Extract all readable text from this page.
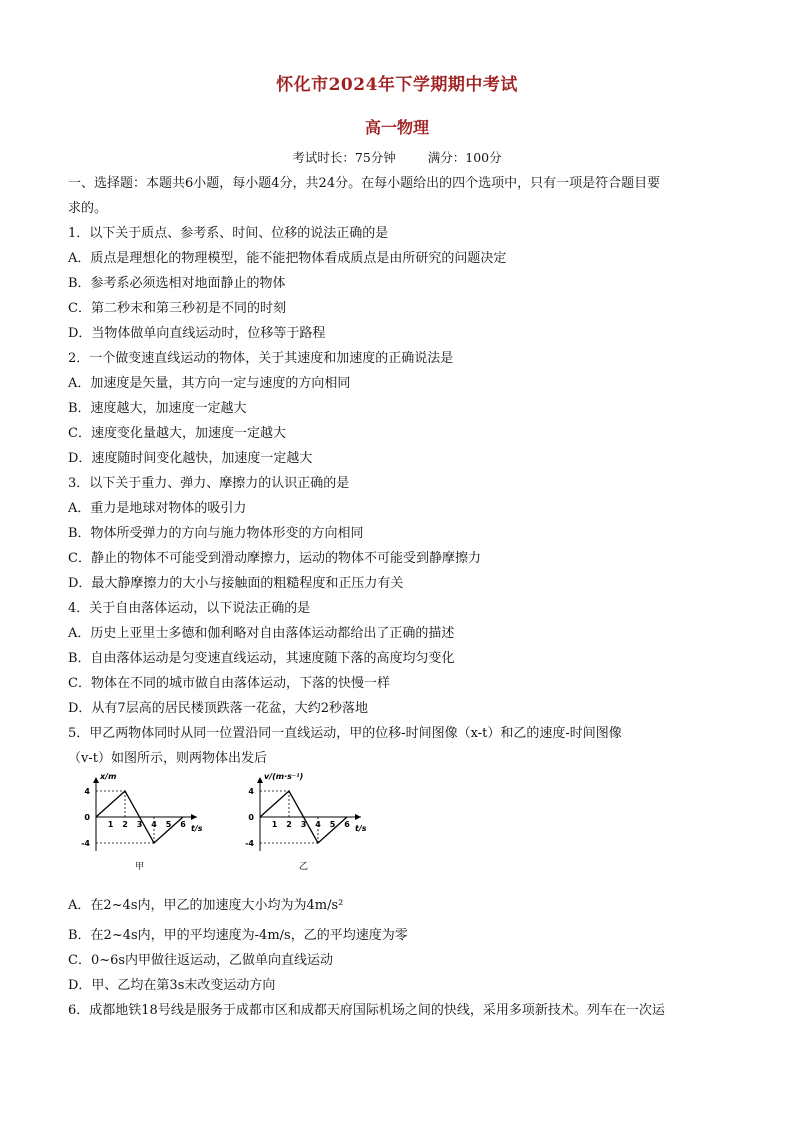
怀化市2024年下学期期中考试
高一物理
考试时长：75分钟	满分：100分
一、选择题：本题共6小题，每小题4分，共24分。在每小题给出的四个选项中，只有一项是符合题目要
求的。
1．以下关于质点、参考系、时间、位移的说法正确的是
A．质点是理想化的物理模型，能不能把物体看成质点是由所研究的问题决定
B．参考系必须选相对地面静止的物体
C．第二秒末和第三秒初是不同的时刻
D．当物体做单向直线运动时，位移等于路程
2．一个做变速直线运动的物体，关于其速度和加速度的正确说法是
A．加速度是矢量，其方向一定与速度的方向相同
B．速度越大，加速度一定越大
C．速度变化量越大，加速度一定越大
D．速度随时间变化越快，加速度一定越大
3．以下关于重力、弹力、摩擦力的认识正确的是
A．重力是地球对物体的吸引力
B．物体所受弹力的方向与施力物体形变的方向相同
C．静止的物体不可能受到滑动摩擦力，运动的物体不可能受到静摩擦力
D．最大静摩擦力的大小与接触面的粗糙程度和正压力有关
4．关于自由落体运动，以下说法正确的是
A．历史上亚里士多德和伽利略对自由落体运动都给出了正确的描述
B．自由落体运动是匀变速直线运动，其速度随下落的高度均匀变化
C．物体在不同的城市做自由落体运动，下落的快慢一样
D．从有7层高的居民楼顶跌落一花盆，大约2秒落地
5．甲乙两物体同时从同一位置沿同一直线运动，甲的位移-时间图像（x-t）和乙的速度-时间图像
（v-t）如图所示，则两物体出发后
x/m
t/s
4
0
-4
1 2 3 4 5 6
甲
v/(m·s⁻¹)
t/s
4
0
-4
1 2 3 4 5 6
乙
A．在2~4s内，甲乙的加速度大小均为为4m/s²
B．在2~4s内，甲的平均速度为-4m/s，乙的平均速度为零
C．0~6s内甲做往返运动，乙做单向直线运动
D．甲、乙均在第3s末改变运动方向
6．成都地铁18号线是服务于成都市区和成都天府国际机场之间的快线，采用多项新技术。列车在一次运
